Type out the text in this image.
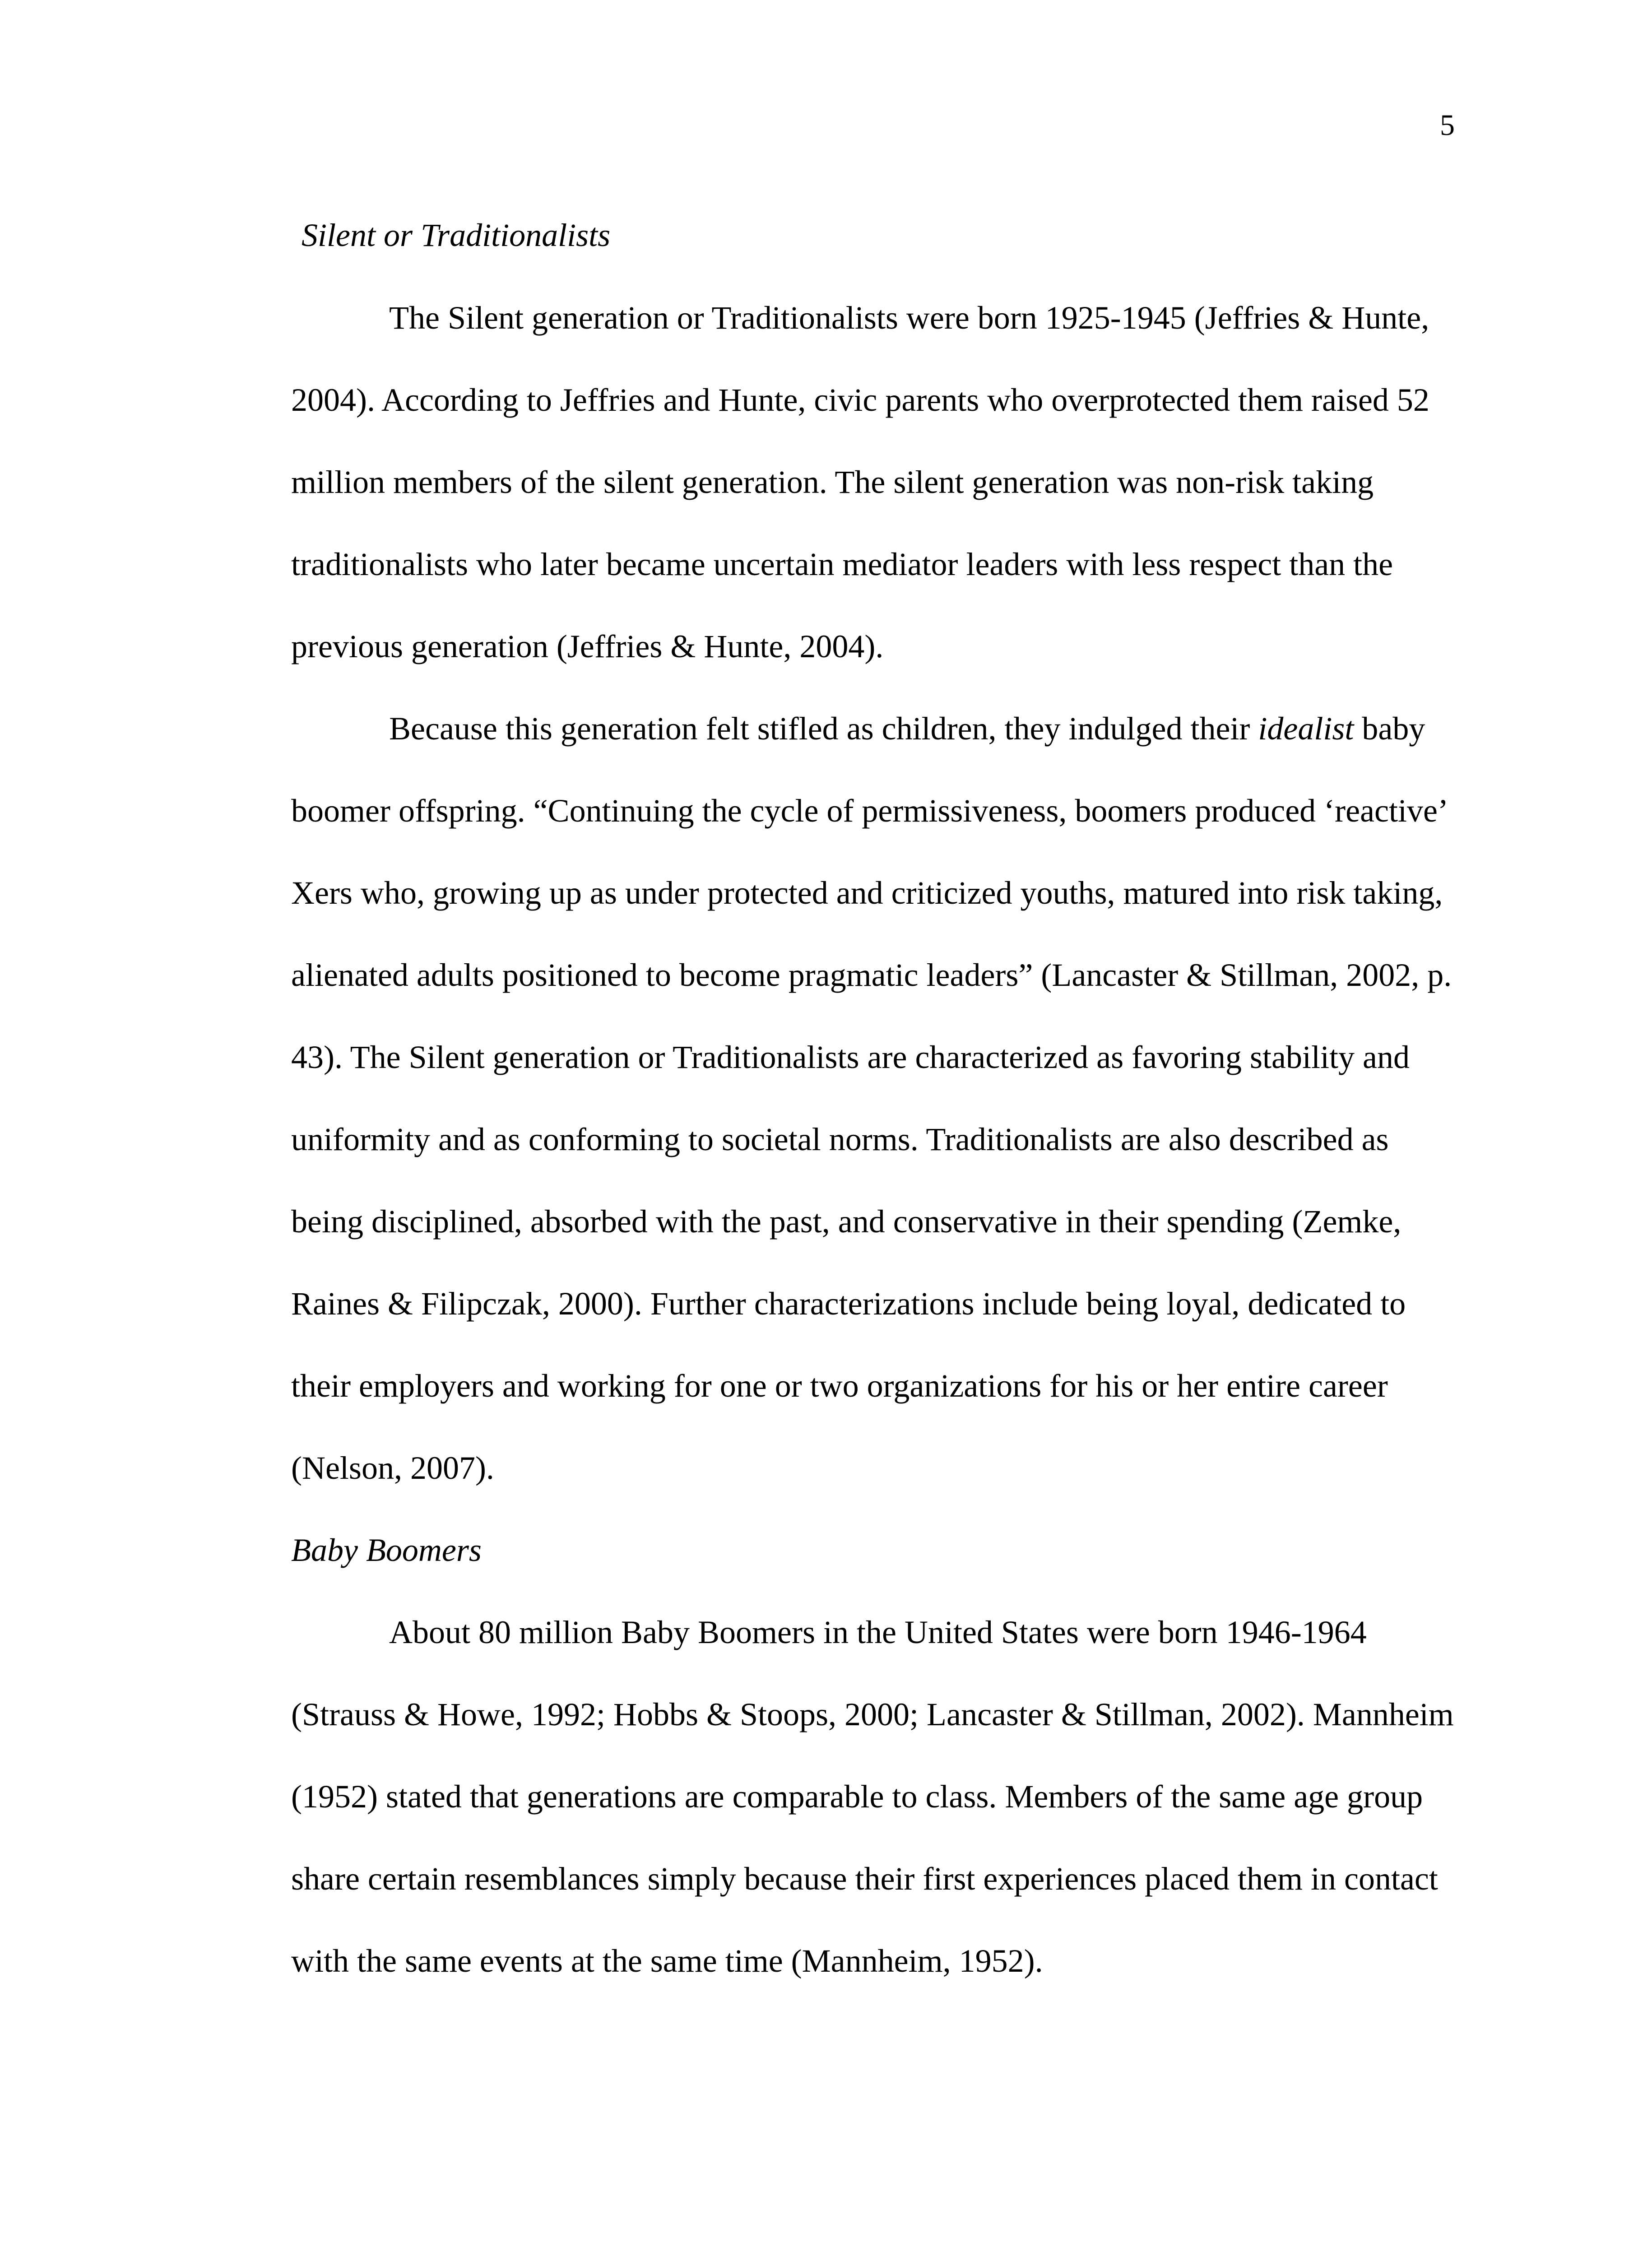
5
Silent or Traditionalists
The Silent generation or Traditionalists were born 1925-1945 (Jeffries & Hunte,
2004). According to Jeffries and Hunte, civic parents who overprotected them raised 52
million members of the silent generation. The silent generation was non-risk taking
traditionalists who later became uncertain mediator leaders with less respect than the
previous generation (Jeffries & Hunte, 2004).
Because this generation felt stifled as children, they indulged their idealist baby
boomer offspring. “Continuing the cycle of permissiveness, boomers produced ‘reactive’
Xers who, growing up as under protected and criticized youths, matured into risk taking,
alienated adults positioned to become pragmatic leaders” (Lancaster & Stillman, 2002, p.
43). The Silent generation or Traditionalists are characterized as favoring stability and
uniformity and as conforming to societal norms. Traditionalists are also described as
being disciplined, absorbed with the past, and conservative in their spending (Zemke,
Raines & Filipczak, 2000). Further characterizations include being loyal, dedicated to
their employers and working for one or two organizations for his or her entire career
(Nelson, 2007).
Baby Boomers
About 80 million Baby Boomers in the United States were born 1946-1964
(Strauss & Howe, 1992; Hobbs & Stoops, 2000; Lancaster & Stillman, 2002). Mannheim
(1952) stated that generations are comparable to class. Members of the same age group
share certain resemblances simply because their first experiences placed them in contact
with the same events at the same time (Mannheim, 1952).
